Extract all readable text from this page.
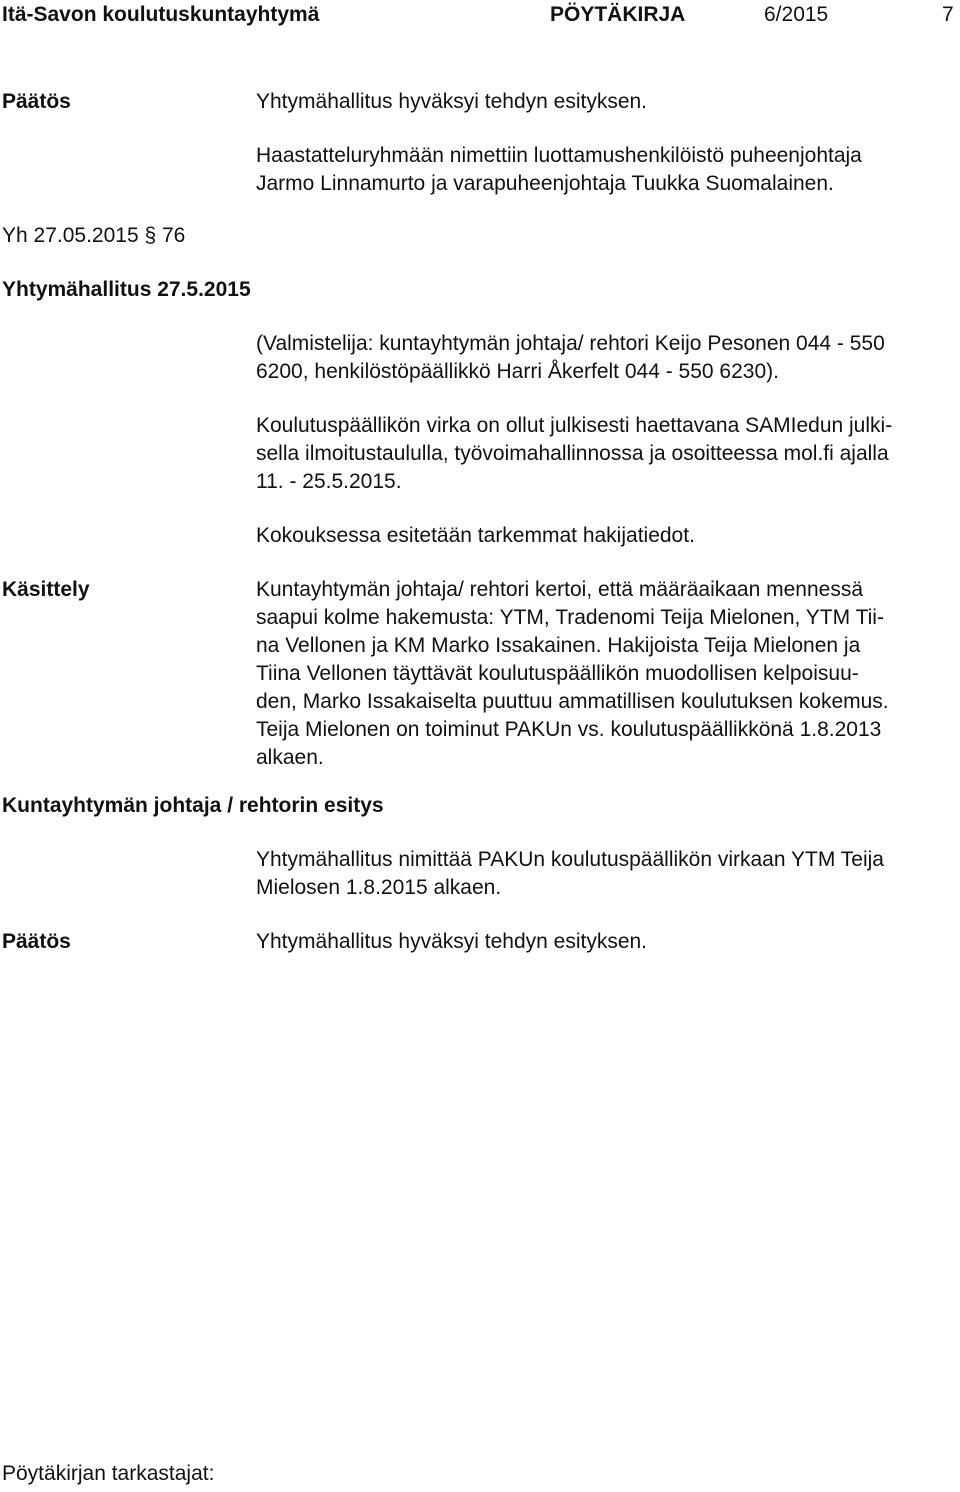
Itä-Savon koulutuskuntayhtymä	PÖYTÄKIRJA	6/2015	7
Päätös	Yhtymähallitus hyväksyi tehdyn esityksen.
Haastatteluryhmään nimettiin luottamushenkilöistö puheenjohtaja
Jarmo Linnamurto ja varapuheenjohtaja Tuukka Suomalainen.
Yh 27.05.2015 § 76
Yhtymähallitus 27.5.2015
(Valmistelija: kuntayhtymän johtaja/ rehtori Keijo Pesonen 044 - 550
6200, henkilöstöpäällikkö Harri Åkerfelt 044 - 550 6230).
Koulutuspäällikön virka on ollut julkisesti haettavana SAMIedun julki-
sella ilmoitustaululla, työvoimahallinnossa ja osoitteessa mol.fi ajalla
11. - 25.5.2015.
Kokouksessa esitetään tarkemmat hakijatiedot.
Käsittely	Kuntayhtymän johtaja/ rehtori kertoi, että määräaikaan mennessä
saapui kolme hakemusta: YTM, Tradenomi Teija Mielonen, YTM Tii-
na Vellonen ja KM Marko Issakainen. Hakijoista Teija Mielonen ja
Tiina Vellonen täyttävät koulutuspäällikön muodollisen kelpoisuu-
den, Marko Issakaiselta puuttuu ammatillisen koulutuksen kokemus.
Teija Mielonen on toiminut PAKUn vs. koulutuspäällikkönä 1.8.2013
alkaen.
Kuntayhtymän johtaja / rehtorin esitys
Yhtymähallitus nimittää PAKUn koulutuspäällikön virkaan YTM Teija
Mielosen 1.8.2015 alkaen.
Päätös	Yhtymähallitus hyväksyi tehdyn esityksen.
Pöytäkirjan tarkastajat:
